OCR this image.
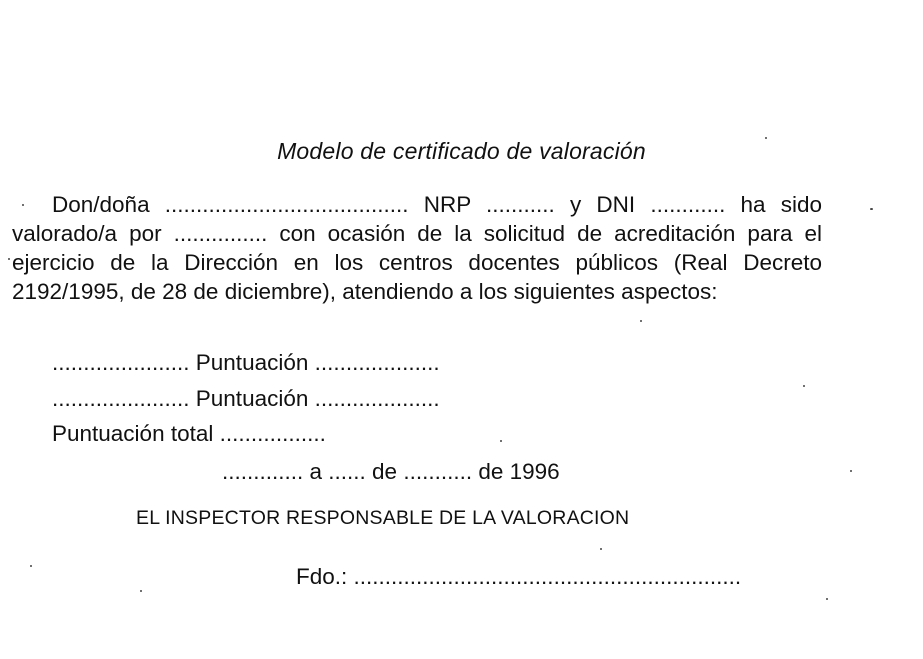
Modelo de certificado de valoración

Don/doña ....................................... NRP ........... y DNI ............ ha sido valorado/a por ............... con ocasión de la solicitud de acreditación para el ejercicio de la Dirección en los centros docentes públicos (Real Decreto 2192/1995, de 28 de diciembre), atendiendo a los siguientes aspectos:

...................... Puntuación ....................
...................... Puntuación ....................
Puntuación total .................
............. a ...... de ........... de 1996
EL INSPECTOR RESPONSABLE DE LA VALORACION
Fdo.: ..............................................................
